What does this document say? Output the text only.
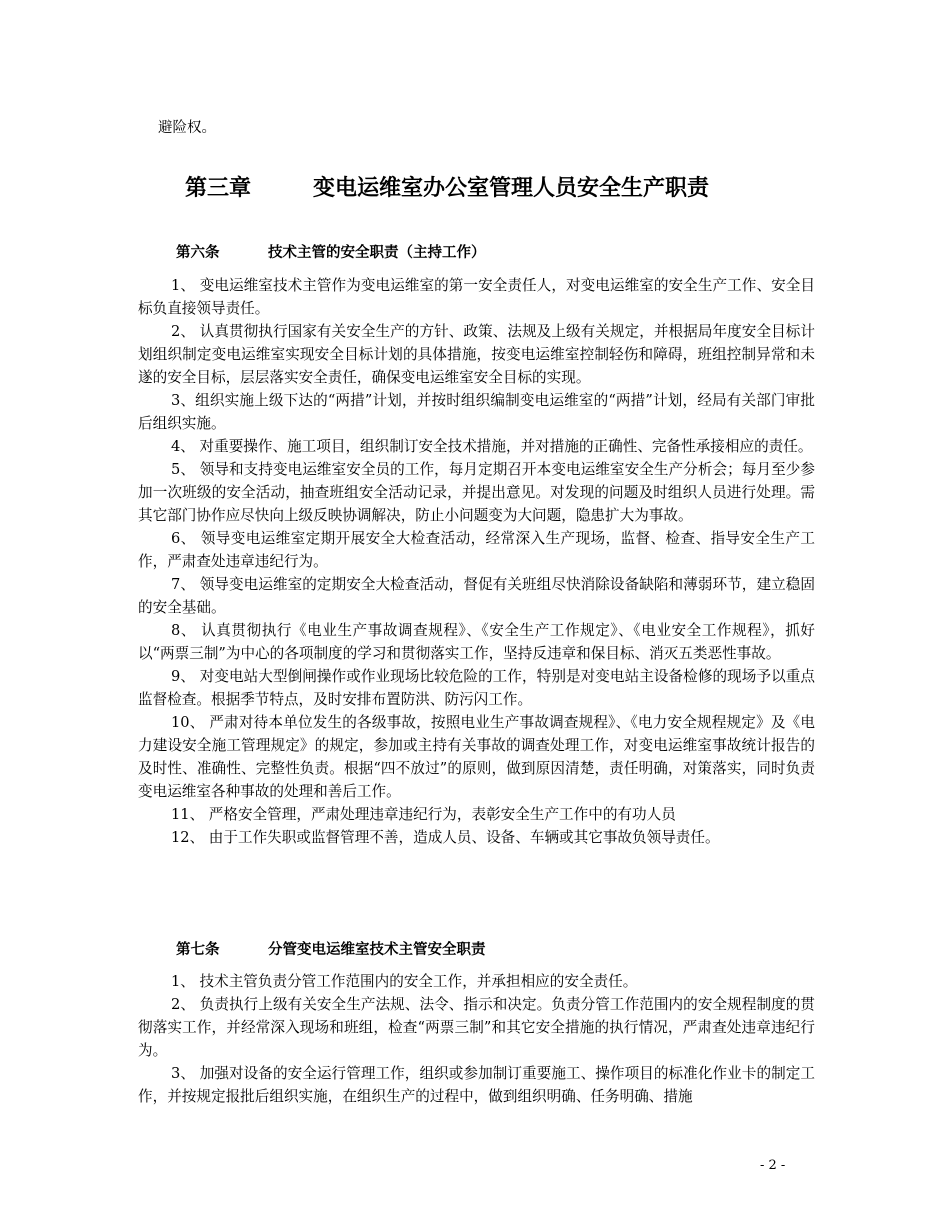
避险权。

第三章	变电运维室办公室管理人员安全生产职责
第六条	技术主管的安全职责（主持工作）

1、 变电运维室技术主管作为变电运维室的第一安全责任人，对变电运维室的安全生产工作、安全目标负直接领导责任。

2、 认真贯彻执行国家有关安全生产的方针、政策、法规及上级有关规定，并根据局年度安全目标计划组织制定变电运维室实现安全目标计划的具体措施，按变电运维室控制轻伤和障碍，班组控制异常和未遂的安全目标，层层落实安全责任，确保变电运维室安全目标的实现。

3、组织实施上级下达的“两措”计划，并按时组织编制变电运维室的“两措”计划，经局有关部门审批后组织实施。

4、 对重要操作、施工项目，组织制订安全技术措施，并对措施的正确性、完备性承接相应的责任。

5、 领导和支持变电运维室安全员的工作，每月定期召开本变电运维室安全生产分析会；每月至少参加一次班级的安全活动，抽查班组安全活动记录，并提出意见。对发现的问题及时组织人员进行处理。需其它部门协作应尽快向上级反映协调解决，防止小问题变为大问题，隐患扩大为事故。

6、 领导变电运维室定期开展安全大检查活动，经常深入生产现场，监督、检查、指导安全生产工作，严肃查处违章违纪行为。

7、 领导变电运维室的定期安全大检查活动，督促有关班组尽快消除设备缺陷和薄弱环节，建立稳固的安全基础。

8、 认真贯彻执行《电业生产事故调查规程》、《安全生产工作规定》、《电业安全工作规程》，抓好以“两票三制”为中心的各项制度的学习和贯彻落实工作，坚持反违章和保目标、消灭五类恶性事故。

9、 对变电站大型倒闸操作或作业现场比较危险的工作，特别是对变电站主设备检修的现场予以重点监督检查。根据季节特点，及时安排布置防洪、防污闪工作。

10、 严肃对待本单位发生的各级事故，按照电业生产事故调查规程》、《电力安全规程规定》及《电力建设安全施工管理规定》的规定，参加或主持有关事故的调查处理工作，对变电运维室事故统计报告的及时性、准确性、完整性负责。根据“四不放过”的原则，做到原因清楚，责任明确，对策落实，同时负责变电运维室各种事故的处理和善后工作。

11、 严格安全管理，严肃处理违章违纪行为，表彰安全生产工作中的有功人员

12、 由于工作失职或监督管理不善，造成人员、设备、车辆或其它事故负领导责任。

第七条	分管变电运维室技术主管安全职责

1、 技术主管负责分管工作范围内的安全工作，并承担相应的安全责任。

2、 负责执行上级有关安全生产法规、法令、指示和决定。负责分管工作范围内的安全规程制度的贯彻落实工作，并经常深入现场和班组，检查“两票三制”和其它安全措施的执行情况，严肃查处违章违纪行为。

3、 加强对设备的安全运行管理工作，组织或参加制订重要施工、操作项目的标准化作业卡的制定工作，并按规定报批后组织实施，在组织生产的过程中，做到组织明确、任务明确、措施

- 2 -
